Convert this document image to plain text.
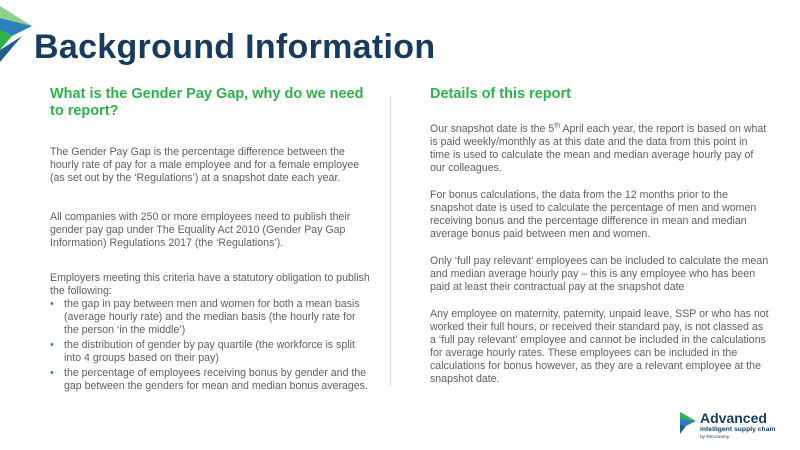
Background Information
What is the Gender Pay Gap, why do we need to report?

The Gender Pay Gap is the percentage difference between the hourly rate of pay for a male employee and for a female employee (as set out by the ‘Regulations’) at a snapshot date each year.

All companies with 250 or more employees need to publish their gender pay gap under The Equality Act 2010 (Gender Pay Gap Information) Regulations 2017 (the ‘Regulations’).

Employers meeting this criteria have a statutory obligation to publish the following:

• the gap in pay between men and women for both a mean basis (average hourly rate) and the median basis (the hourly rate for the person ‘in the middle’)
• the distribution of gender by pay quartile (the workforce is split into 4 groups based on their pay)
• the percentage of employees receiving bonus by gender and the gap between the genders for mean and median bonus averages.
Details of this report

Our snapshot date is the 5th April each year, the report is based on what is paid weekly/monthly as at this date and the data from this point in time is used to calculate the mean and median average hourly pay of our colleagues.

For bonus calculations, the data from the 12 months prior to the snapshot date is used to calculate the percentage of men and women receiving bonus and the percentage difference in mean and median average bonus paid between men and women.

Only ‘full pay relevant’ employees can be included to calculate the mean and median average hourly pay – this is any employee who has been paid at least their contractual pay at the snapshot date

Any employee on maternity, paternity, unpaid leave, SSP or who has not worked their full hours, or received their standard pay, is not classed as a ‘full pay relevant’ employee and cannot be included in the calculations for average hourly rates. These employees can be included in the calculations for bonus however, as they are a relevant employee at the snapshot date.

Advanced
intelligent supply chain
by Reconomy
